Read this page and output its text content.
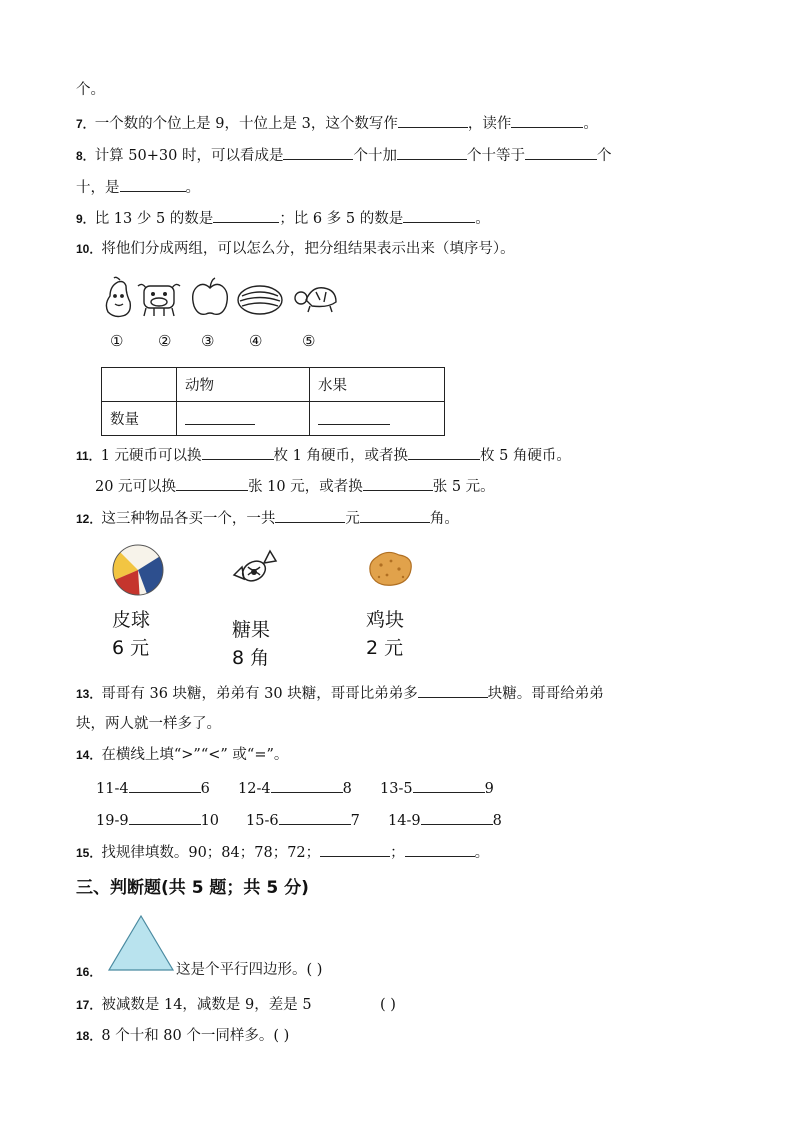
个。
7．一个数的个位上是 9，十位上是 3，这个数写作	，读作	。
8．计算 50+30 时，可以看成是	个十加	个十等于	个
十，是	。
9．比 13 少 5 的数是	；比 6 多 5 的数是	。
10．将他们分成两组，可以怎么分，把分组结果表示出来（填序号）。
① ② ③ ④	⑤
	动物	水果
数量		
11．1 元硬币可以换	枚 1 角硬币，或者换	枚 5 角硬币。
20 元可以换	张 10 元，或者换	张 5 元。
12．这三种物品各买一个，一共	元	角。
皮球
6 元
糖果
8 角
鸡块
2 元
13．哥哥有 36 块糖，弟弟有 30 块糖，哥哥比弟弟多	块糖。哥哥给弟弟
块，两人就一样多了。
14．在横线上填“>”“<” 或“=”。
11-4	6 12-4	8 13-5	9
19-9	10 15-6	7 14-9	8
15．找规律填数。90；84；78；72；	；	。
三、判断题(共 5 题；共 5 分)
16．	这是个平行四边形。( )
17．被减数是 14，减数是 9，差是 5	( )
18．8 个十和 80 个一同样多。( )
